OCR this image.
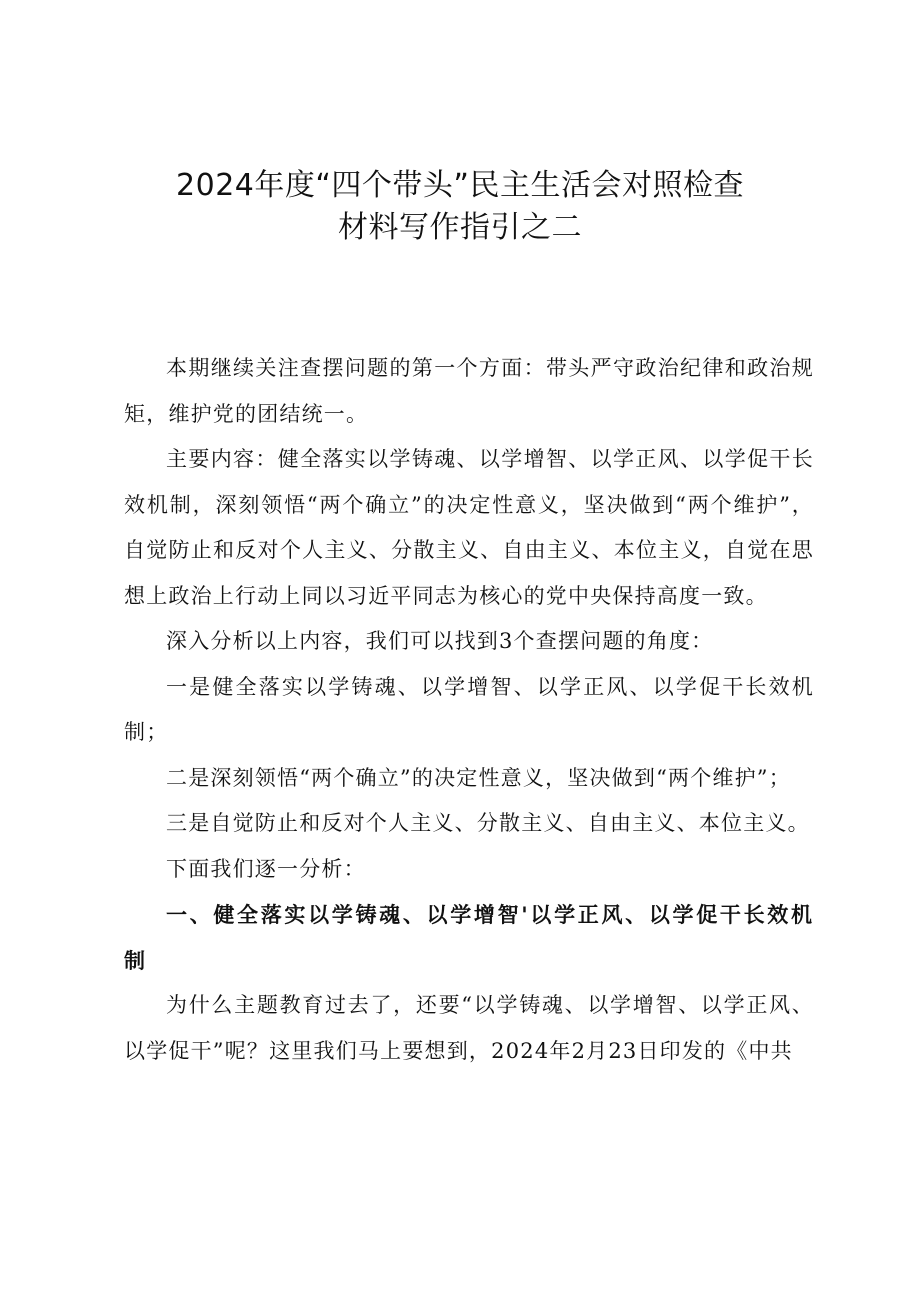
2024年度“四个带头”民主生活会对照检查
材料写作指引之二

本期继续关注查摆问题的第一个方面：带头严守政治纪律和政治规矩，维护党的团结统一。

主要内容：健全落实以学铸魂、以学增智、以学正风、以学促干长效机制，深刻领悟“两个确立”的决定性意义，坚决做到“两个维护”，自觉防止和反对个人主义、分散主义、自由主义、本位主义，自觉在思想上政治上行动上同以习近平同志为核心的党中央保持高度一致。

深入分析以上内容，我们可以找到3个查摆问题的角度：

一是健全落实以学铸魂、以学增智、以学正风、以学促干长效机制；

二是深刻领悟“两个确立”的决定性意义，坚决做到“两个维护”；

三是自觉防止和反对个人主义、分散主义、自由主义、本位主义。

下面我们逐一分析：

一、健全落实以学铸魂、以学增智'以学正风、以学促干长效机制

为什么主题教育过去了，还要“以学铸魂、以学增智、以学正风、以学促干”呢？这里我们马上要想到，2024年2月23日印发的《中共
